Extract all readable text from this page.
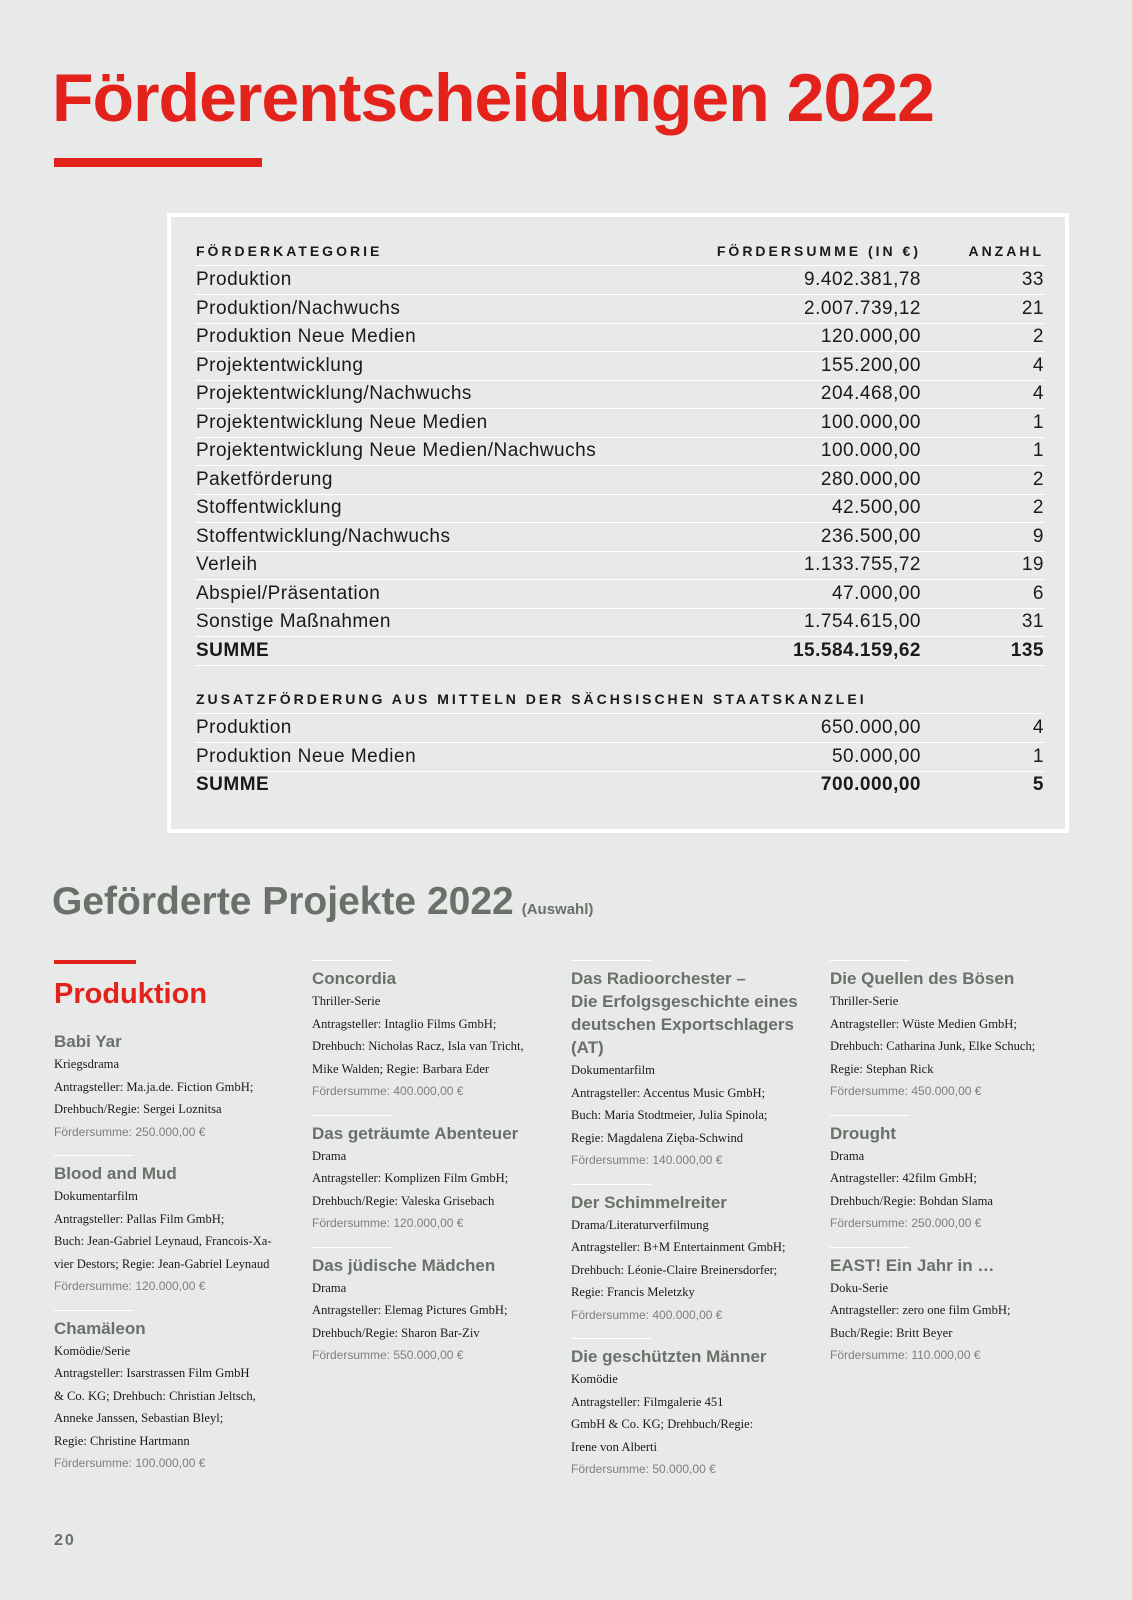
Förderentscheidungen 2022
FÖRDERKATEGORIE	FÖRDERSUMME (IN €)	ANZAHL
Produktion	9.402.381,78	33
Produktion/Nachwuchs	2.007.739,12	21
Produktion Neue Medien	120.000,00	2
Projektentwicklung	155.200,00	4
Projektentwicklung/Nachwuchs	204.468,00	4
Projektentwicklung Neue Medien	100.000,00	1
Projektentwicklung Neue Medien/Nachwuchs	100.000,00	1
Paketförderung	280.000,00	2
Stoffentwicklung	42.500,00	2
Stoffentwicklung/Nachwuchs	236.500,00	9
Verleih	1.133.755,72	19
Abspiel/Präsentation	47.000,00	6
Sonstige Maßnahmen	1.754.615,00	31
SUMME	15.584.159,62	135
ZUSATZFÖRDERUNG AUS MITTELN DER SÄCHSISCHEN STAATSKANZLEI
Produktion	650.000,00	4
Produktion Neue Medien	50.000,00	1
SUMME	700.000,00	5
Geförderte Projekte 2022 (Auswahl)
Produktion
Babi Yar
Kriegsdrama
Antragsteller: Ma.ja.de. Fiction GmbH;
Drehbuch/Regie: Sergei Loznitsa
Fördersumme: 250.000,00 €
Blood and Mud
Dokumentarfilm
Antragsteller: Pallas Film GmbH;
Buch: Jean-Gabriel Leynaud, Francois-Xa-
vier Destors; Regie: Jean-Gabriel Leynaud
Fördersumme: 120.000,00 €
Chamäleon
Komödie/Serie
Antragsteller: Isarstrassen Film GmbH
& Co. KG; Drehbuch: Christian Jeltsch,
Anneke Janssen, Sebastian Bleyl;
Regie: Christine Hartmann
Fördersumme: 100.000,00 €
Concordia
Thriller-Serie
Antragsteller: Intaglio Films GmbH;
Drehbuch: Nicholas Racz, Isla van Tricht,
Mike Walden; Regie: Barbara Eder
Fördersumme: 400.000,00 €
Das geträumte Abenteuer
Drama
Antragsteller: Komplizen Film GmbH;
Drehbuch/Regie: Valeska Grisebach
Fördersumme: 120.000,00 €
Das jüdische Mädchen
Drama
Antragsteller: Elemag Pictures GmbH;
Drehbuch/Regie: Sharon Bar-Ziv
Fördersumme: 550.000,00 €
Das Radioorchester –
Die Erfolgsgeschichte eines
deutschen Exportschlagers (AT)
Dokumentarfilm
Antragsteller: Accentus Music GmbH;
Buch: Maria Stodtmeier, Julia Spinola;
Regie: Magdalena Zięba-Schwind
Fördersumme: 140.000,00 €
Der Schimmelreiter
Drama/Literaturverfilmung
Antragsteller: B+M Entertainment GmbH;
Drehbuch: Léonie-Claire Breinersdorfer;
Regie: Francis Meletzky
Fördersumme: 400.000,00 €
Die geschützten Männer
Komödie
Antragsteller: Filmgalerie 451
GmbH & Co. KG; Drehbuch/Regie:
Irene von Alberti
Fördersumme: 50.000,00 €
Die Quellen des Bösen
Thriller-Serie
Antragsteller: Wüste Medien GmbH;
Drehbuch: Catharina Junk, Elke Schuch;
Regie: Stephan Rick
Fördersumme: 450.000,00 €
Drought
Drama
Antragsteller: 42film GmbH;
Drehbuch/Regie: Bohdan Slama
Fördersumme: 250.000,00 €
EAST! Ein Jahr in …
Doku-Serie
Antragsteller: zero one film GmbH;
Buch/Regie: Britt Beyer
Fördersumme: 110.000,00 €
20
